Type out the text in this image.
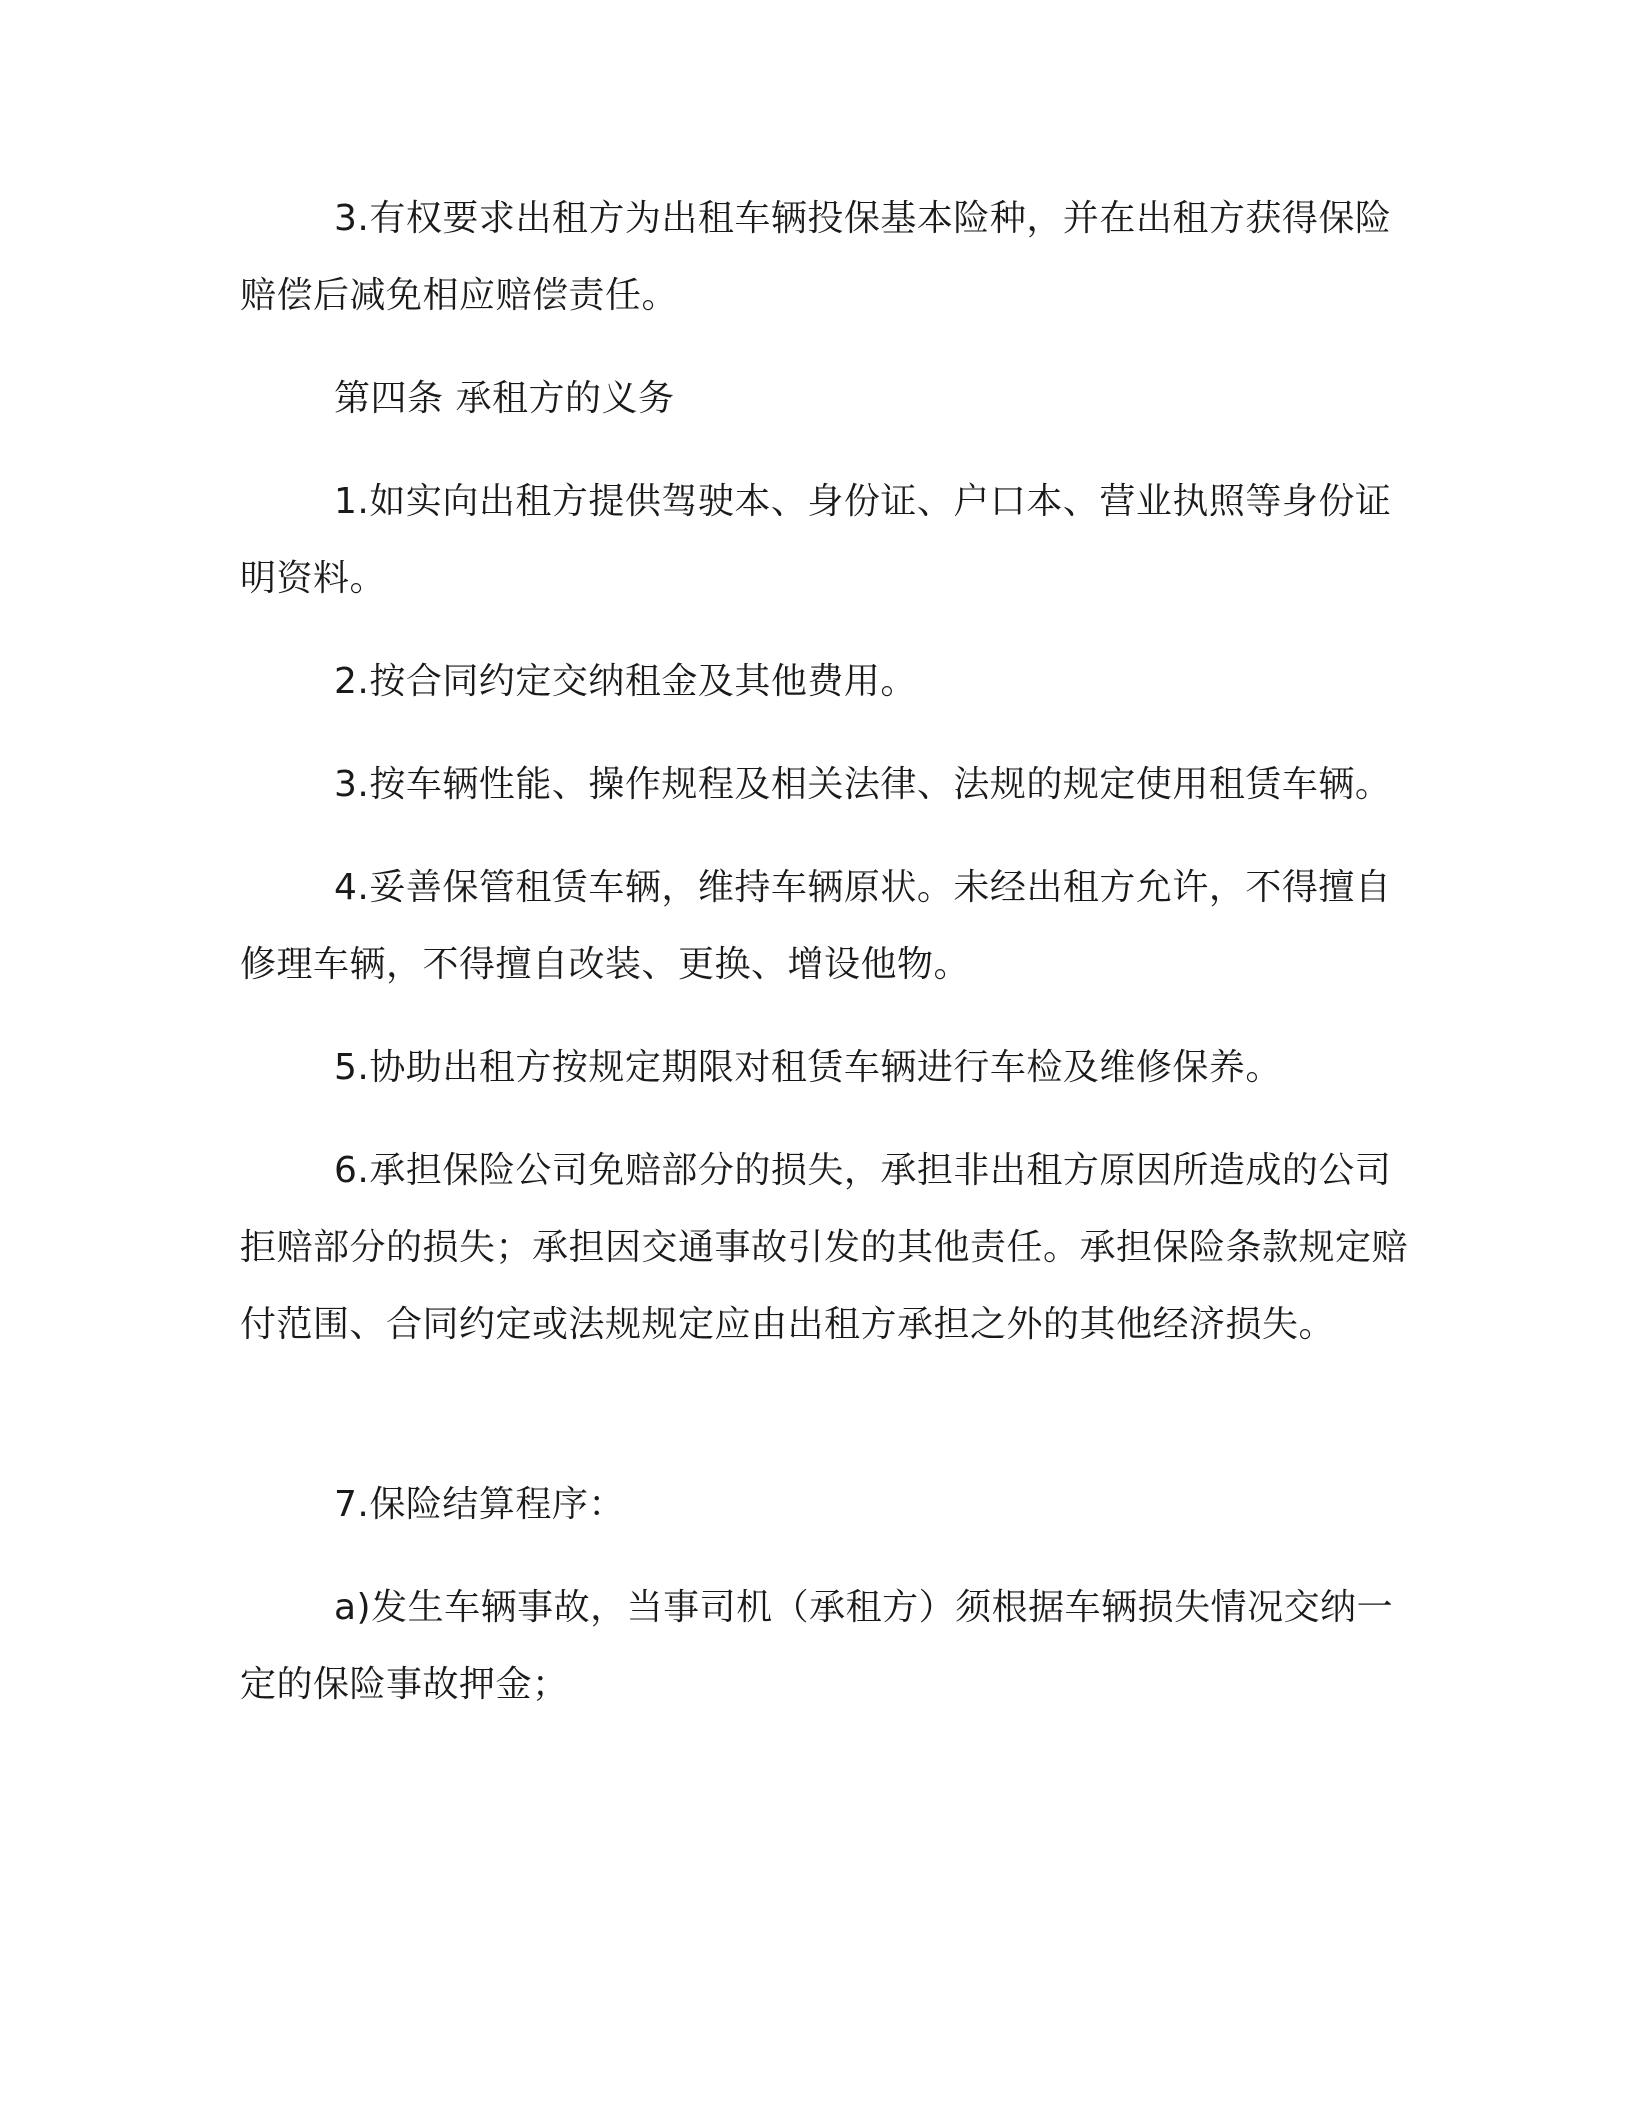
3.有权要求出租方为出租车辆投保基本险种，并在出租方获得保险赔偿后减免相应赔偿责任。

第四条 承租方的义务

1.如实向出租方提供驾驶本、身份证、户口本、营业执照等身份证明资料。

2.按合同约定交纳租金及其他费用。

3.按车辆性能、操作规程及相关法律、法规的规定使用租赁车辆。

4.妥善保管租赁车辆，维持车辆原状。未经出租方允许，不得擅自修理车辆，不得擅自改装、更换、增设他物。

5.协助出租方按规定期限对租赁车辆进行车检及维修保养。

6.承担保险公司免赔部分的损失，承担非出租方原因所造成的公司拒赔部分的损失；承担因交通事故引发的其他责任。承担保险条款规定赔付范围、合同约定或法规规定应由出租方承担之外的其他经济损失。

7.保险结算程序：

a)发生车辆事故，当事司机（承租方）须根据车辆损失情况交纳一定的保险事故押金；
